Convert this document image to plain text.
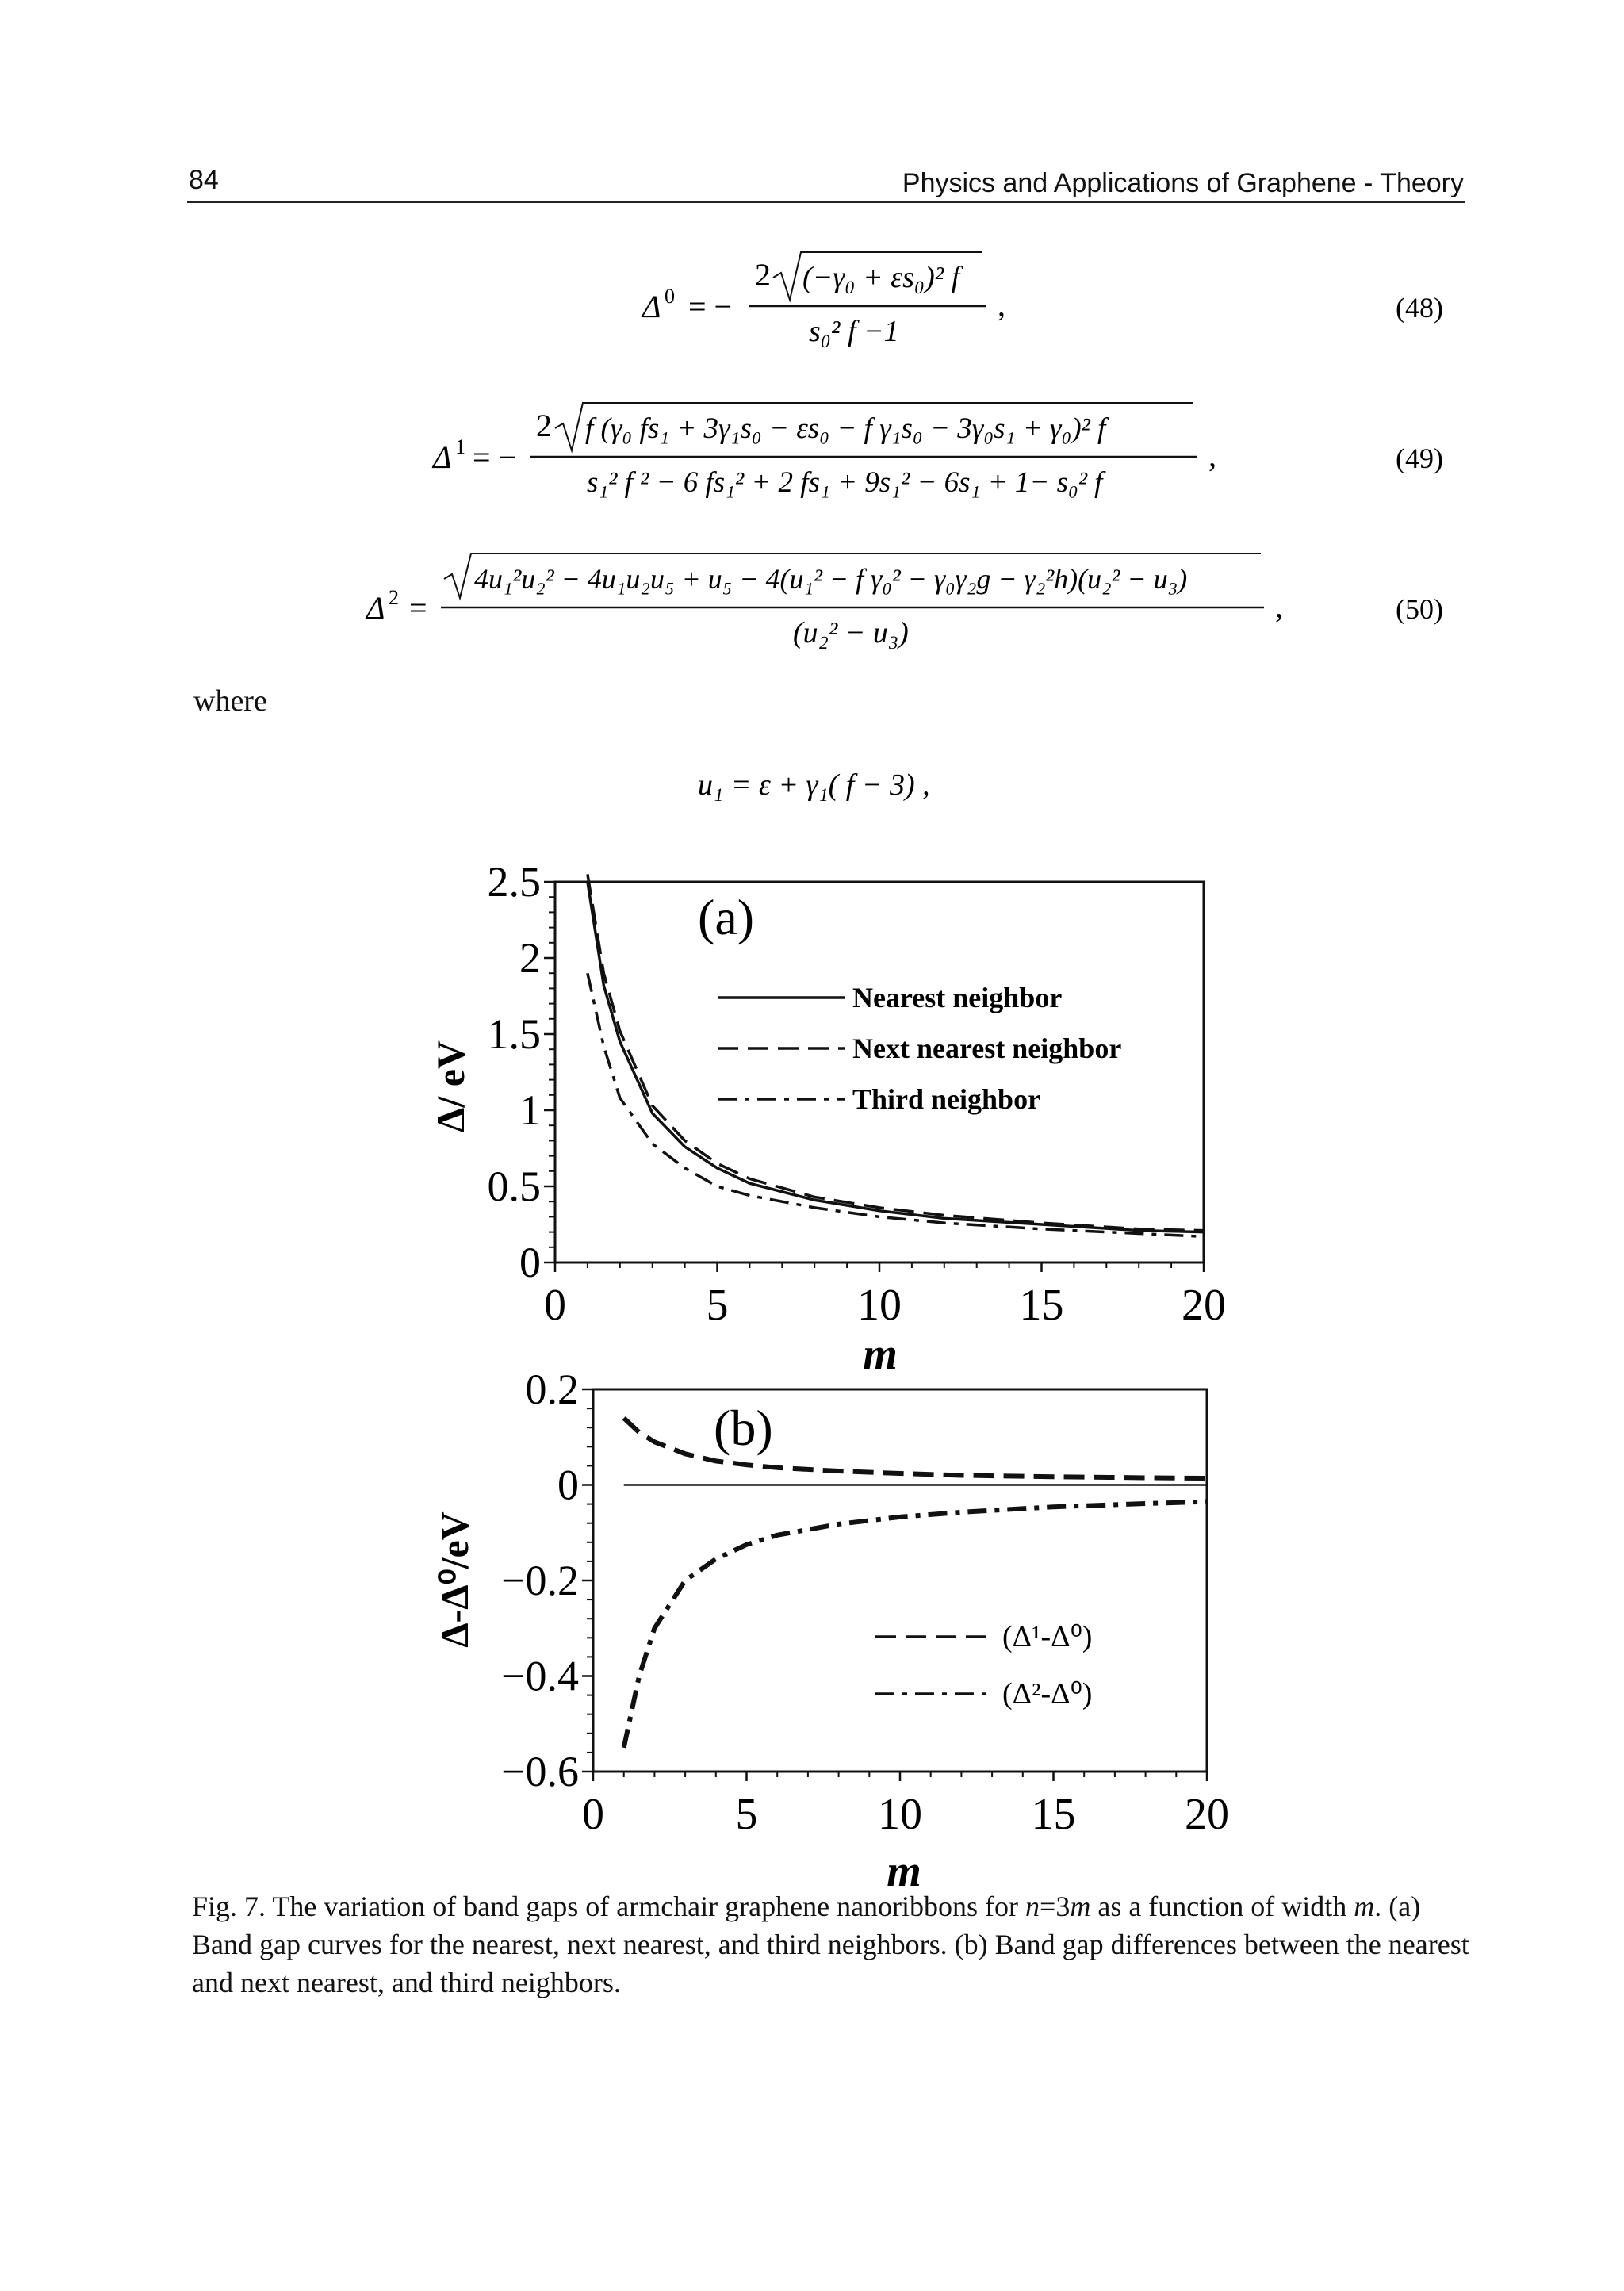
84	Physics and Applications of Graphene - Theory
Δ 0 = −
2 (−γ₀ + εs₀)² f
s₀² f −1
,	(48)
Δ 1 = −
2 f (γ₀ fs₁ + 3γ₁s₀ − εs₀ − f γ₁s₀ − 3γ₀s₁ + γ₀)² f
s₁² f ² − 6 fs₁² + 2 fs₁ + 9s₁² − 6s₁ + 1− s₀² f
,	(49)
Δ 2 =
4u₁²u₂² − 4u₁u₂u₅ + u₅ − 4(u₁² − f γ₀² − γ₀γ₂g − γ₂²h)(u₂² − u₃)
(u₂² − u₃)
,	(50)
where
u₁ = ε + γ₁( f − 3) ,
0	5	10	15	20
0
0.5
1
1.5
2
2.5
(a)
m
Δ/ eV
Nearest neighbor
Next nearest neighbor
Third neighbor
0	5	10 15 20
−0.6
−0.4
−0.2
0
0.2
(b)
m
Δ-Δ⁰/eV	(Δ¹-Δ⁰)
(Δ²-Δ⁰)
Fig. 7. The variation of band gaps of armchair graphene nanoribbons for n=3m as a function of width m. (a) Band gap curves for the nearest, next nearest, and third neighbors. (b) Band gap differences between the nearest and next nearest, and third neighbors.
